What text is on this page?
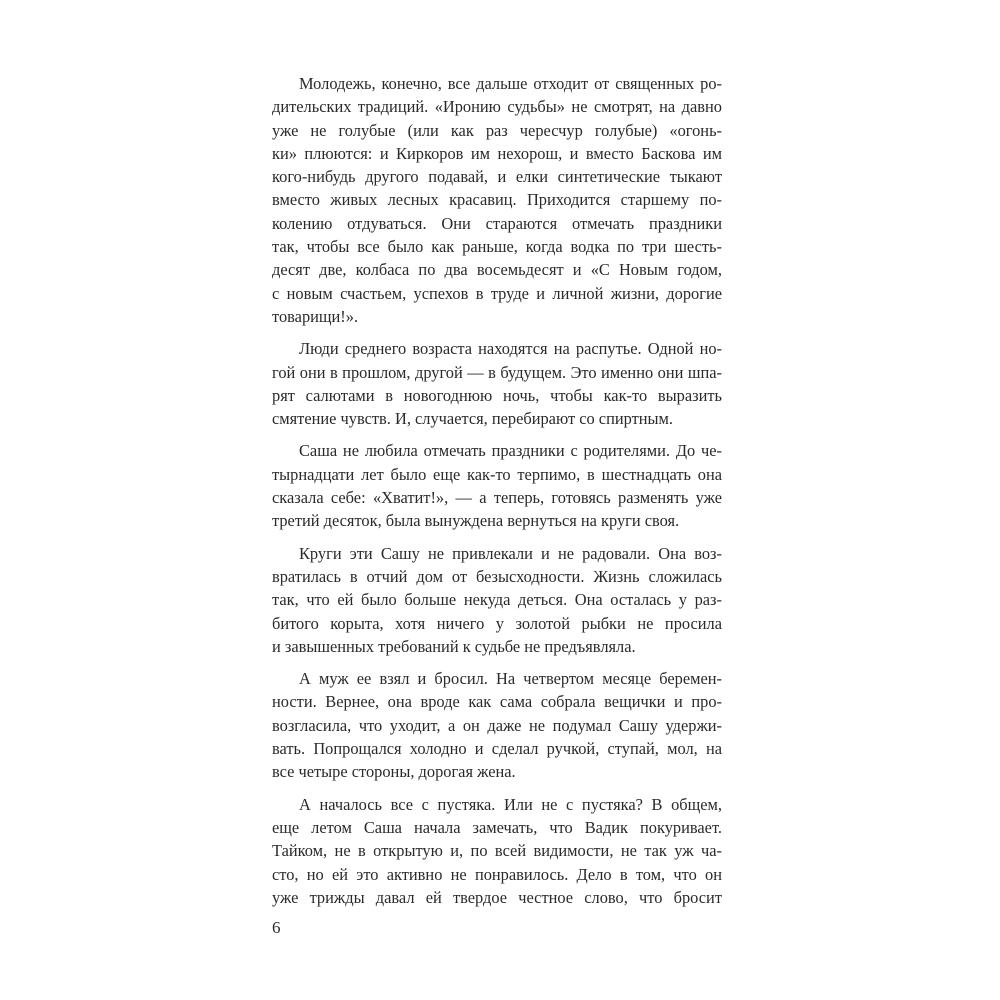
Молодежь, конечно, все дальше отходит от священных ро-
дительских традиций. «Иронию судьбы» не смотрят, на давно
уже не голубые (или как раз чересчур голубые) «огонь-
ки» плюются: и Киркоров им нехорош, и вместо Баскова им
кого-нибудь другого подавай, и елки синтетические тыкают
вместо живых лесных красавиц. Приходится старшему по-
колению отдуваться. Они стараются отмечать праздники
так, чтобы все было как раньше, когда водка по три шесть-
десят две, колбаса по два восемьдесят и «С Новым годом,
с новым счастьем, успехов в труде и личной жизни, дорогие
товарищи!».
Люди среднего возраста находятся на распутье. Одной но-
гой они в прошлом, другой — в будущем. Это именно они шпа-
рят салютами в новогоднюю ночь, чтобы как-то выразить
смятение чувств. И, случается, перебирают со спиртным.
Саша не любила отмечать праздники с родителями. До че-
тырнадцати лет было еще как-то терпимо, в шестнадцать она
сказала себе: «Хватит!», — а теперь, готовясь разменять уже
третий десяток, была вынуждена вернуться на круги своя.
Круги эти Сашу не привлекали и не радовали. Она воз-
вратилась в отчий дом от безысходности. Жизнь сложилась
так, что ей было больше некуда деться. Она осталась у раз-
битого корыта, хотя ничего у золотой рыбки не просила
и завышенных требований к судьбе не предъявляла.
А муж ее взял и бросил. На четвертом месяце беремен-
ности. Вернее, она вроде как сама собрала вещички и про-
возгласила, что уходит, а он даже не подумал Сашу удержи-
вать. Попрощался холодно и сделал ручкой, ступай, мол, на
все четыре стороны, дорогая жена.
А началось все с пустяка. Или не с пустяка? В общем,
еще летом Саша начала замечать, что Вадик покуривает.
Тайком, не в открытую и, по всей видимости, не так уж ча-
сто, но ей это активно не понравилось. Дело в том, что он
уже трижды давал ей твердое честное слово, что бросит
6
